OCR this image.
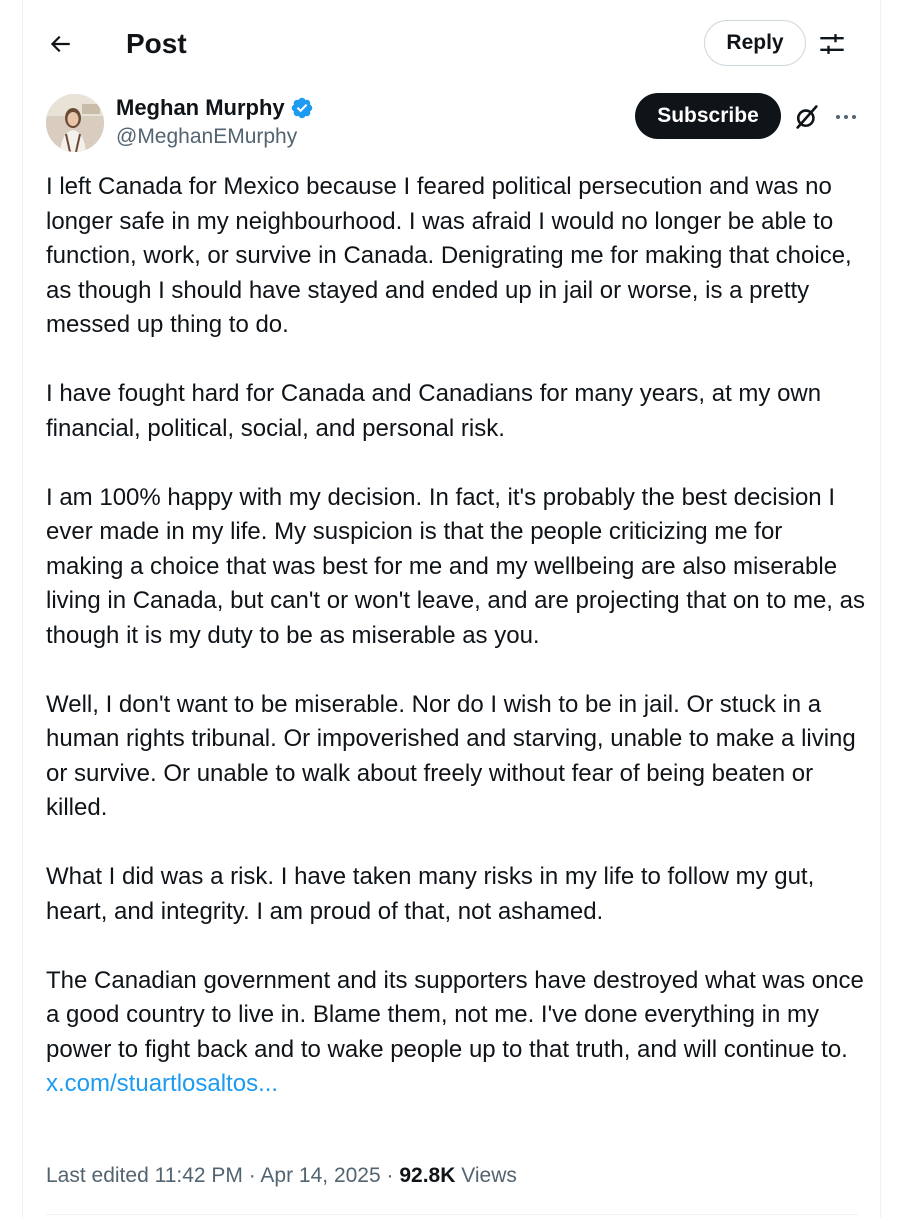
Post	Reply
Meghan Murphy
@MeghanEMurphy
Subscribe

I left Canada for Mexico because I feared political persecution and was no longer safe in my neighbourhood. I was afraid I would no longer be able to function, work, or survive in Canada. Denigrating me for making that choice, as though I should have stayed and ended up in jail or worse, is a pretty messed up thing to do.

I have fought hard for Canada and Canadians for many years, at my own financial, political, social, and personal risk.

I am 100% happy with my decision. In fact, it's probably the best decision I ever made in my life. My suspicion is that the people criticizing me for making a choice that was best for me and my wellbeing are also miserable living in Canada, but can't or won't leave, and are projecting that on to me, as though it is my duty to be as miserable as you.

Well, I don't want to be miserable. Nor do I wish to be in jail. Or stuck in a human rights tribunal. Or impoverished and starving, unable to make a living or survive. Or unable to walk about freely without fear of being beaten or killed.

What I did was a risk. I have taken many risks in my life to follow my gut, heart, and integrity. I am proud of that, not ashamed.

The Canadian government and its supporters have destroyed what was once a good country to live in. Blame them, not me. I've done everything in my power to fight back and to wake people up to that truth, and will continue to.

x.com/stuartlosaltos...
Last edited 11:42 PM · Apr 14, 2025 · 92.8K Views
